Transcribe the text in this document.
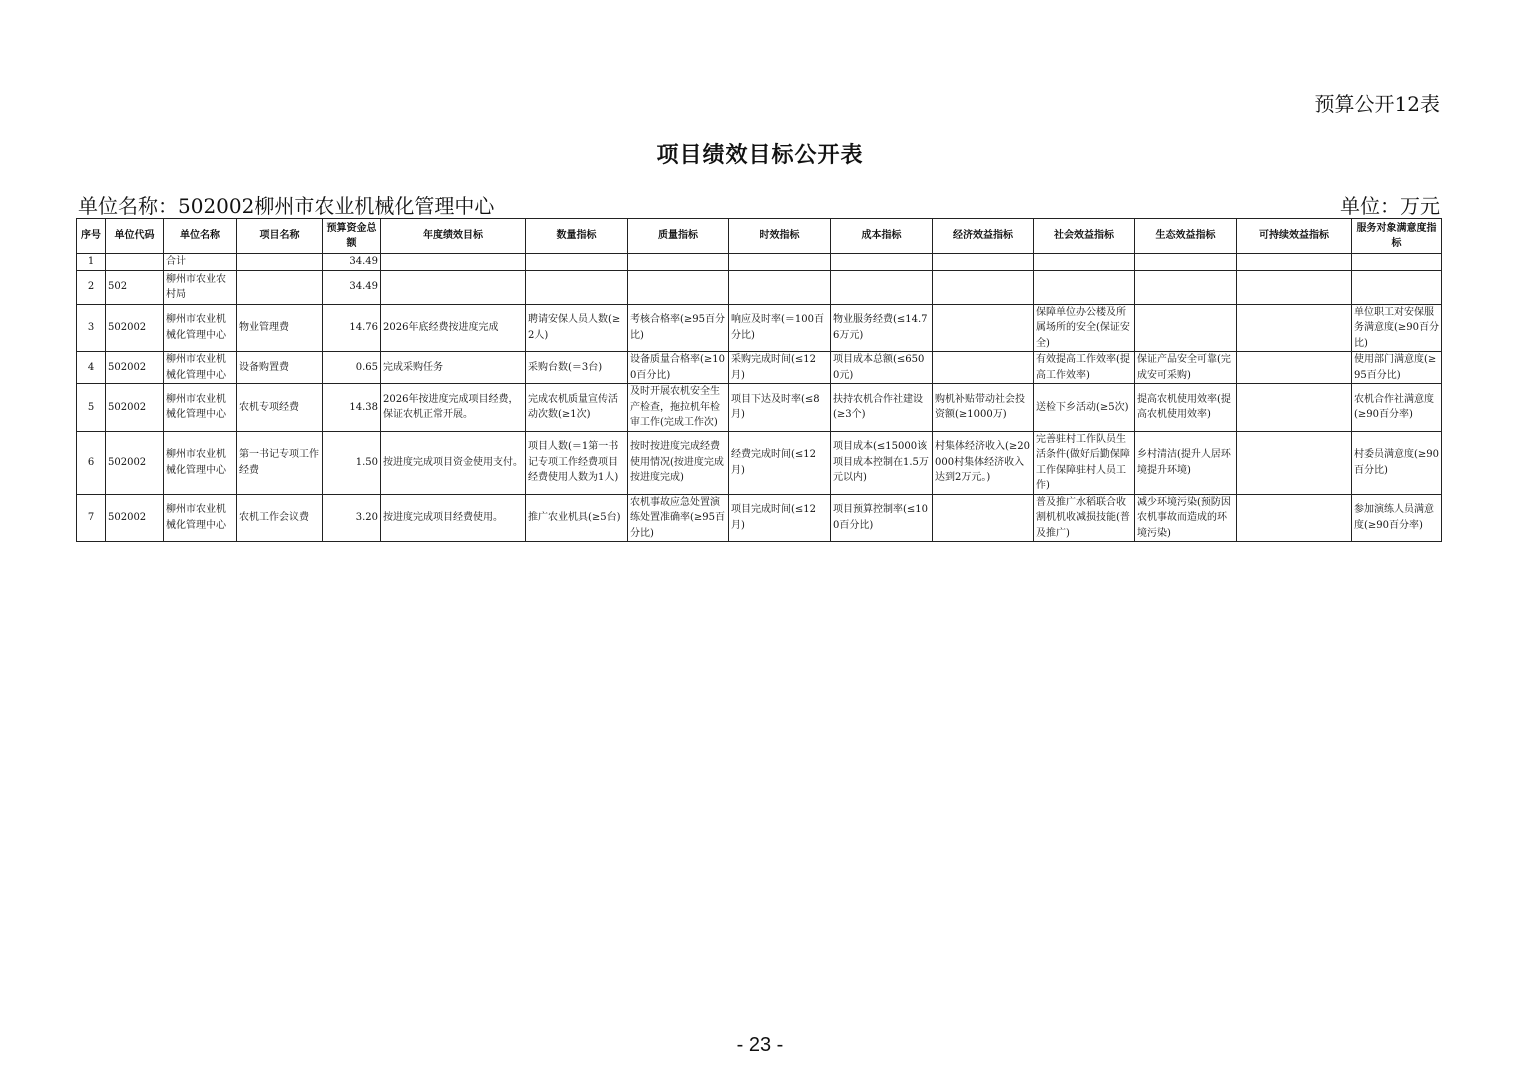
预算公开12表
项目绩效目标公开表
单位名称：502002柳州市农业机械化管理中心	单位：万元
序号	单位代码	单位名称	项目名称	预算资金总额	年度绩效目标	数量指标	质量指标	时效指标	成本指标	经济效益指标	社会效益指标	生态效益指标	可持续效益指标	服务对象满意度指标
1		合计		34.49										
2	502	柳州市农业农村局		34.49										
3	502002	柳州市农业机械化管理中心	物业管理费	14.76	2026年底经费按进度完成	聘请安保人员人数(≥2人)	考核合格率(≥95百分比)	响应及时率(＝100百分比)	物业服务经费(≤14.76万元)		保障单位办公楼及所属场所的安全(保证安全)			单位职工对安保服务满意度(≥90百分比)
4	502002	柳州市农业机械化管理中心	设备购置费	0.65	完成采购任务	采购台数(＝3台)	设备质量合格率(≥100百分比)	采购完成时间(≤12月)	项目成本总额(≤6500元)		有效提高工作效率(提高工作效率)	保证产品安全可靠(完成安可采购)		使用部门满意度(≥95百分比)
5	502002	柳州市农业机械化管理中心	农机专项经费	14.38	2026年按进度完成项目经费，保证农机正常开展。	完成农机质量宣传活动次数(≥1次)	及时开展农机安全生产检查，拖拉机年检审工作(完成工作次)	项目下达及时率(≤8月)	扶持农机合作社建设(≥3个)	购机补贴带动社会投资额(≥1000万)	送检下乡活动(≥5次)	提高农机使用效率(提高农机使用效率)		农机合作社满意度(≥90百分率)
6	502002	柳州市农业机械化管理中心	第一书记专项工作经费	1.50	按进度完成项目资金使用支付。	项目人数(＝1第一书记专项工作经费项目经费使用人数为1人)	按时按进度完成经费使用情况(按进度完成按进度完成)	经费完成时间(≤12月)	项目成本(≤15000该项目成本控制在1.5万元以内)	村集体经济收入(≥20000村集体经济收入达到2万元。)	完善驻村工作队员生活条件(做好后勤保障工作保障驻村人员工作)	乡村清洁(提升人居环境提升环境)		村委员满意度(≥90百分比)
7	502002	柳州市农业机械化管理中心	农机工作会议费	3.20	按进度完成项目经费使用。	推广农业机具(≥5台)	农机事故应急处置演练处置准确率(≥95百分比)	项目完成时间(≤12月)	项目预算控制率(≤100百分比)		普及推广水稻联合收割机机收减损技能(普及推广)	减少环境污染(预防因农机事故而造成的环境污染)		参加演练人员满意度(≥90百分率)
- 23 -
